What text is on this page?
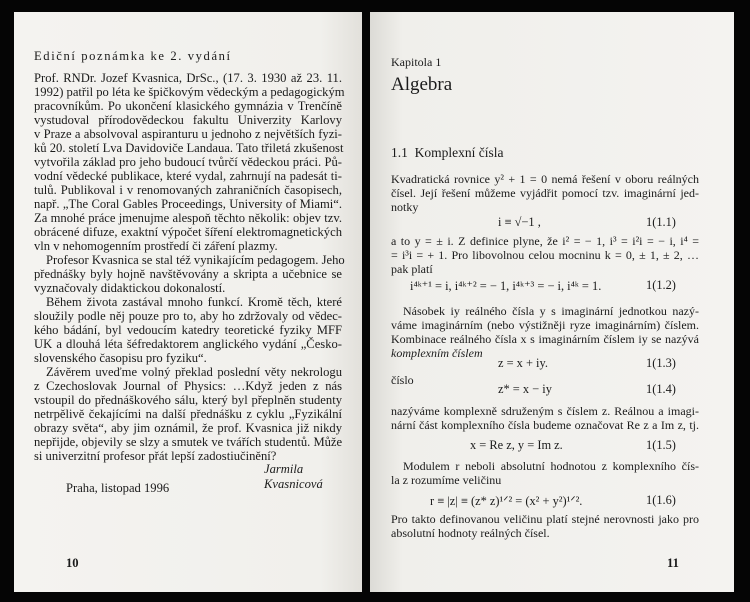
Ediční poznámka ke 2. vydání
Prof. RNDr. Jozef Kvasnica, DrSc., (17. 3. 1930 až 23. 11.
1992) patřil po léta ke špičkovým vědeckým a pedagogickým
pracovníkům. Po ukončení klasického gymnázia v Trenčíně
vystudoval přírodovědeckou fakultu Univerzity Karlovy
v Praze a absolvoval aspiranturu u jednoho z největších fyzi-
ků 20. století Lva Davidoviče Landaua. Tato třiletá zkušenost
vytvořila základ pro jeho budoucí tvůrčí vědeckou práci. Pů-
vodní vědecké publikace, které vydal, zahrnují na padesát ti-
tulů. Publikoval i v renomovaných zahraničních časopisech,
např. „The Coral Gables Proceedings, University of Miami“.
Za mnohé práce jmenujme alespoň těchto několik: objev tzv.
obrácené difuze, exaktní výpočet šíření elektromagnetických
vln v nehomogenním prostředí či záření plazmy.
Profesor Kvasnica se stal též vynikajícím pedagogem. Jeho
přednášky byly hojně navštěvovány a skripta a učebnice se
vyznačovaly didaktickou dokonalostí.
Během života zastával mnoho funkcí. Kromě těch, které
sloužily podle něj pouze pro to, aby ho zdržovaly od vědec-
kého bádání, byl vedoucím katedry teoretické fyziky MFF
UK a dlouhá léta šéfredaktorem anglického vydání „Česko-
slovenského časopisu pro fyziku“.
Závěrem uveďme volný překlad poslední věty nekrologu
z Czechoslovak Journal of Physics: …Když jeden z nás
vstoupil do přednáškového sálu, který byl přeplněn studenty
netrpělivě čekajícími na další přednášku z cyklu „Fyzikální
obrazy světa“, aby jim oznámil, že prof. Kvasnica již nikdy
nepřijde, objevily se slzy a smutek ve tvářích studentů. Může
si univerzitní profesor přát lepší zadostiučinění?
Jarmila Kvasnicová
Praha, listopad 1996
10
Kapitola 1
Algebra
1.1 Komplexní čísla
Kvadratická rovnice y² + 1 = 0 nemá řešení v oboru reálných
čísel. Její řešení můžeme vyjádřit pomocí tzv. imaginární jed-
notky
i ≡ √−1 ,	1(1.1)
a to y = ± i. Z definice plyne, že i² = − 1, i³ = i²i = − i, i⁴ =
= i³i = + 1. Pro libovolnou celou mocninu k = 0, ± 1, ± 2, …
pak platí
i⁴ᵏ⁺¹ = i, i⁴ᵏ⁺² = − 1, i⁴ᵏ⁺³ = − i, i⁴ᵏ = 1.	1(1.2)
Násobek iy reálného čísla y s imaginární jednotkou nazý-
váme imaginárním (nebo výstižněji ryze imaginárním) číslem.
Kombinace reálného čísla x s imaginárním číslem iy se nazývá
komplexním číslem
z = x + iy.	1(1.3)
číslo
z* = x − iy	1(1.4)
nazýváme komplexně sdruženým s číslem z. Reálnou a imagi-
nární část komplexního čísla budeme označovat Re z a Im z, tj.
x = Re z, y = Im z.	1(1.5)
Modulem r neboli absolutní hodnotou z komplexního čís-
la z rozumíme veličinu
r ≡ |z| ≡ (z* z)¹ᐟ² = (x² + y²)¹ᐟ².	1(1.6)
Pro takto definovanou veličinu platí stejné nerovnosti jako pro
absolutní hodnoty reálných čísel.
11
